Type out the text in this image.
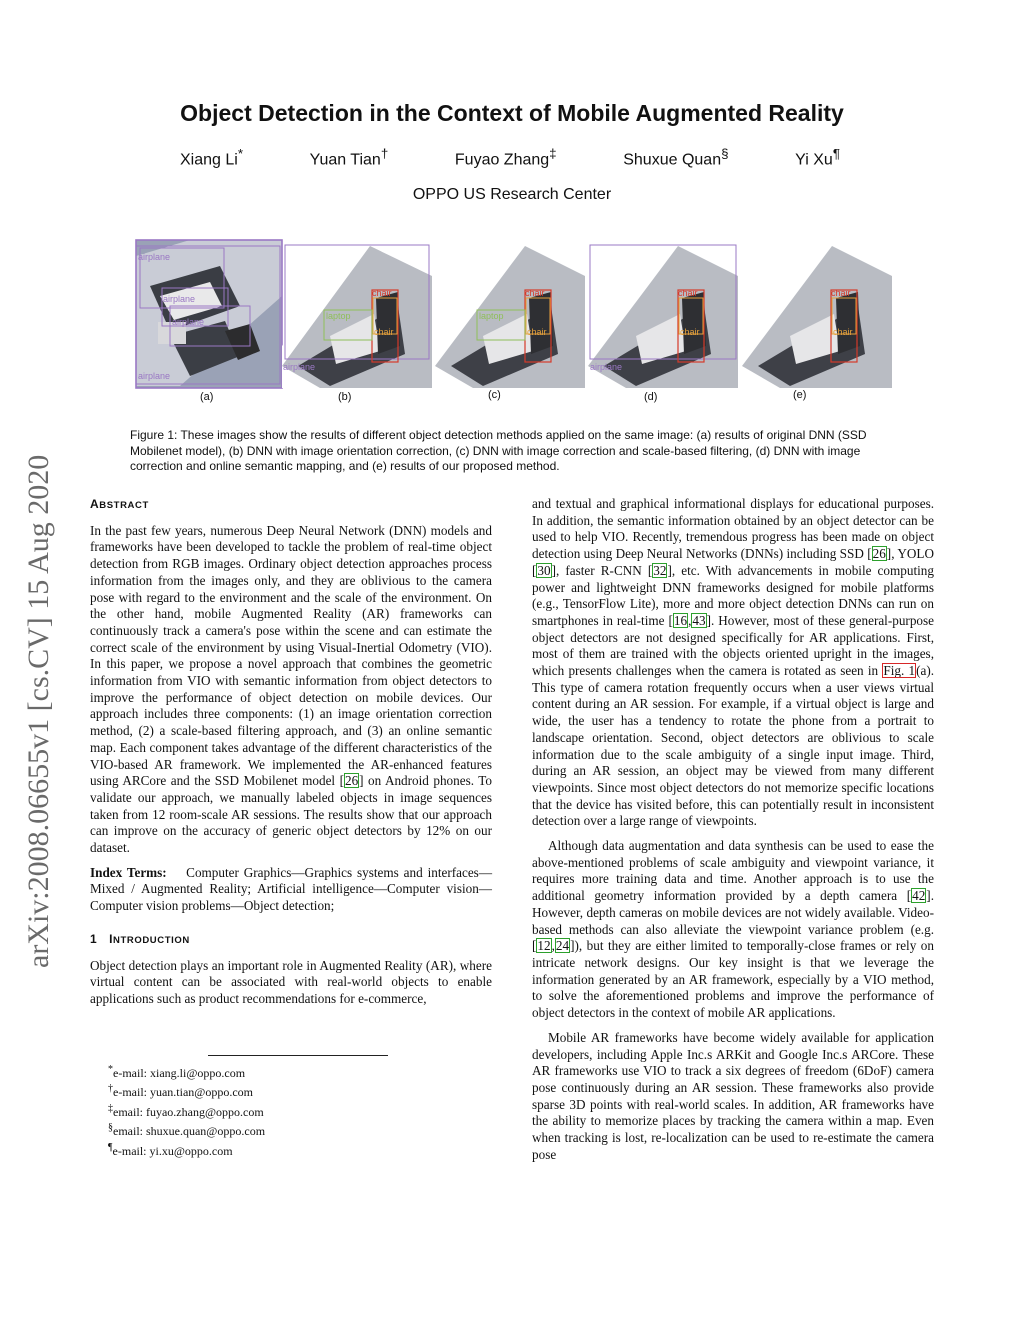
arXiv:2008.06655v1 [cs.CV] 15 Aug 2020
Object Detection in the Context of Mobile Augmented Reality
Xiang Li*	Yuan Tian†	Fuyao Zhang‡	Shuxue Quan§	Yi Xu¶
OPPO US Research Center
airplane
airplane
airplane
airplane
(a)
chair
laptop
chair
airplane
(b)
chair
laptop
chair
(c)
chair
chair
airplane
(d)
chair
chair
(e)
Figure 1: These images show the results of different object detection methods applied on the same image: (a) results of original DNN (SSD Mobilenet model), (b) DNN with image orientation correction, (c) DNN with image correction and scale-based filtering, (d) DNN with image correction and online semantic mapping, and (e) results of our proposed method.
ABSTRACT

In the past few years, numerous Deep Neural Network (DNN) models and frameworks have been developed to tackle the problem of real-time object detection from RGB images. Ordinary object detection approaches process information from the images only, and they are oblivious to the camera pose with regard to the environment and the scale of the environment. On the other hand, mobile Augmented Reality (AR) frameworks can continuously track a camera's pose within the scene and can estimate the correct scale of the environment by using Visual-Inertial Odometry (VIO). In this paper, we propose a novel approach that combines the geometric information from VIO with semantic information from object detectors to improve the performance of object detection on mobile devices. Our approach includes three components: (1) an image orientation correction method, (2) a scale-based filtering approach, and (3) an online semantic map. Each component takes advantage of the different characteristics of the VIO-based AR framework. We implemented the AR-enhanced features using ARCore and the SSD Mobilenet model [26] on Android phones. To validate our approach, we manually labeled objects in image sequences taken from 12 room-scale AR sessions. The results show that our approach can improve on the accuracy of generic object detectors by 12% on our dataset.

Index Terms: Computer Graphics—Graphics systems and interfaces—Mixed / Augmented Reality; Artificial intelligence—Computer vision—Computer vision problems—Object detection;

1 INTRODUCTION

Object detection plays an important role in Augmented Reality (AR), where virtual content can be associated with real-world objects to enable applications such as product recommendations for e-commerce,

*e-mail: xiang.li@oppo.com
†e-mail: yuan.tian@oppo.com
‡email: fuyao.zhang@oppo.com
§email: shuxue.quan@oppo.com
¶e-mail: yi.xu@oppo.com

and textual and graphical informational displays for educational purposes. In addition, the semantic information obtained by an object detector can be used to help VIO. Recently, tremendous progress has been made on object detection using Deep Neural Networks (DNNs) including SSD [26], YOLO [30], faster R-CNN [32], etc. With advancements in mobile computing power and lightweight DNN frameworks designed for mobile platforms (e.g., TensorFlow Lite), more and more object detection DNNs can run on smartphones in real-time [16,43]. However, most of these general-purpose object detectors are not designed specifically for AR applications. First, most of them are trained with the objects oriented upright in the images, which presents challenges when the camera is rotated as seen in Fig. 1(a). This type of camera rotation frequently occurs when a user views virtual content during an AR session. For example, if a virtual object is large and wide, the user has a tendency to rotate the phone from a portrait to landscape orientation. Second, object detectors are oblivious to scale information due to the scale ambiguity of a single input image. Third, during an AR session, an object may be viewed from many different viewpoints. Since most object detectors do not memorize specific locations that the device has visited before, this can potentially result in inconsistent detection over a large range of viewpoints.

Although data augmentation and data synthesis can be used to ease the above-mentioned problems of scale ambiguity and viewpoint variance, it requires more training data and time. Another approach is to use the additional geometry information provided by a depth camera [42]. However, depth cameras on mobile devices are not widely available. Video-based methods can also alleviate the viewpoint variance problem (e.g. [12,24]), but they are either limited to temporally-close frames or rely on intricate network designs. Our key insight is that we leverage the information generated by an AR framework, especially by a VIO method, to solve the aforementioned problems and improve the performance of object detectors in the context of mobile AR applications.

Mobile AR frameworks have become widely available for application developers, including Apple Inc.s ARKit and Google Inc.s ARCore. These AR frameworks use VIO to track a six degrees of freedom (6DoF) camera pose continuously during an AR session. These frameworks also provide sparse 3D points with real-world scales. In addition, AR frameworks have the ability to memorize places by tracking the camera within a map. Even when tracking is lost, re-localization can be used to re-estimate the camera pose
